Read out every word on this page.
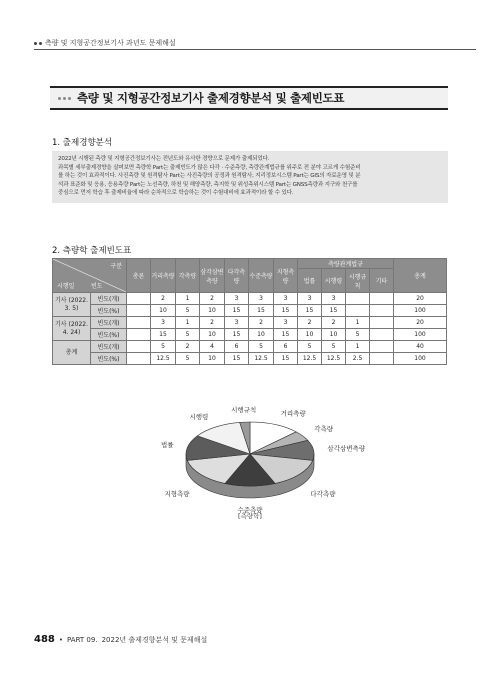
측량 및 지형공간정보기사 과년도 문제해설
측량 및 지형공간정보기사 출제경향분석 및 출제빈도표
1. 출제경향분석

2022년 시행된 측량 및 지형공간정보기사는 전년도와 유사한 경향으로 문제가 출제되었다.

과목별 세부출제경향을 살펴보면 측량학 Part는 출제빈도가 많은 다각 · 수준측량, 측량관계법규를 위주로 전 분야 고르게 수험준비

를 하는 것이 효과적이다. 사진측량 및 원격탐사 Part는 사진측량의 공정과 원격탐사, 지리정보시스템 Part는 GIS의 자료운영 및 분

석과 표준화 및 응용, 응용측량 Part는 노선측량, 하천 및 해양측량, 측지학 및 위성측위시스템 Part는 GNSS측량과 지구와 천구를

중심으로 먼저 학습 후 출제비율에 따라 순차적으로 학습하는 것이 수험대비에 효과적이라 할 수 있다.

2. 측량학 출제빈도표
구분
시행일 빈도		총론	거리측량	각측량	삼각삼변측량	다각측량	수준측량	지형측량	측량관계법규				총계
									법률	시행령	시행규칙	기타	
기사 (2022. 3. 5)	빈도(개)		2	1	2	3	3	3	3	3			20
	빈도(%)		10	5	10	15	15	15	15	15			100
기사 (2022. 4. 24)	빈도(개)		3	1	2	3	2	3	2	2	1		20
	빈도(%)		15	5	10	15	10	15	10	10	5		100
총계	빈도(개)		5	2	4	6	5	6	5	5	1		40
	빈도(%)		12.5	5	10	15	12.5	15	12.5	12.5	2.5		100
거리측량
각측량
삼각삼변측량
다각측량
수준측량
지형측량
법률
시행령
시행규칙
[측량학]
488 • PART 09. 2022년 출제경향분석 및 문제해설
